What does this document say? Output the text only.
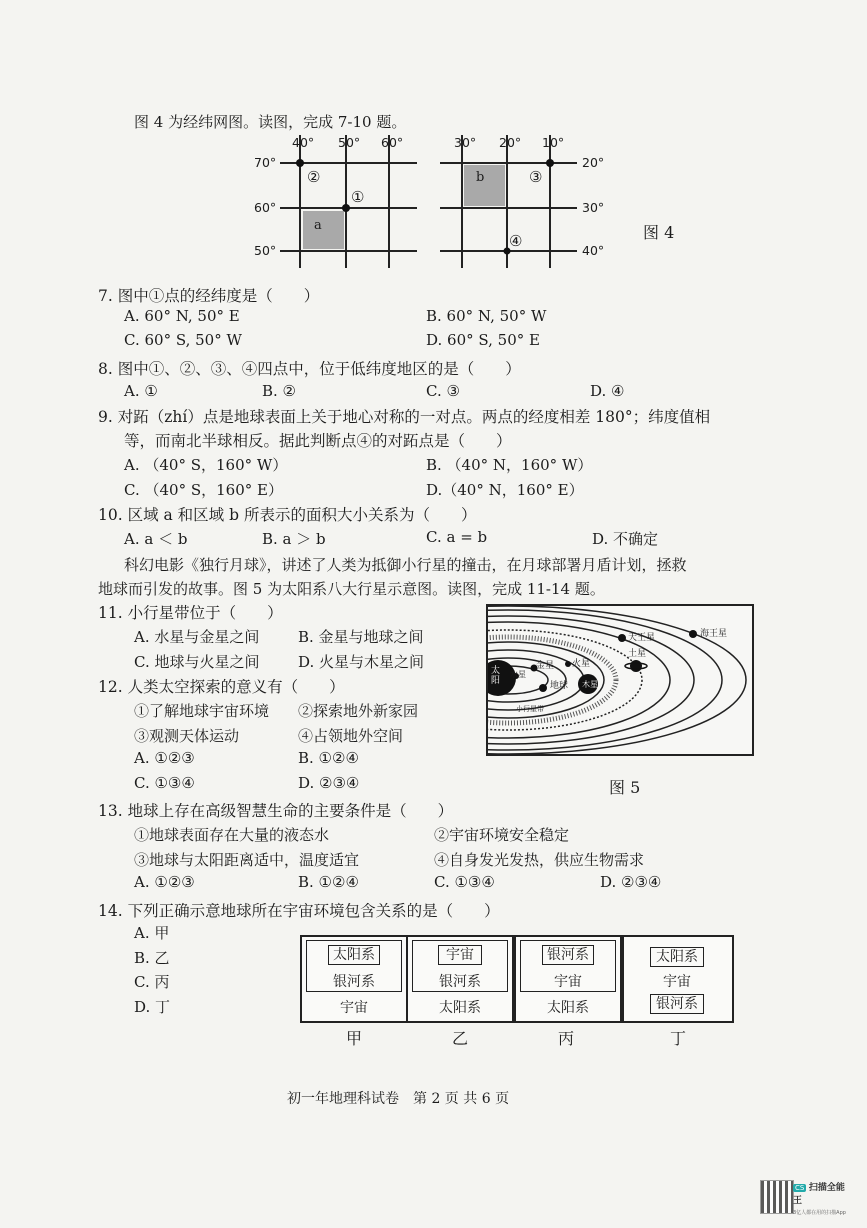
图 4 为经纬网图。读图，完成 7-10 题。
40° 50° 60°
70°
60°
50°
30° 20° 10°
20°
30°
40°
①
②	③
④
a
b
图 4
7. 图中①点的经纬度是（　　）
A. 60° N, 50° E	B. 60° N, 50° W
C. 60° S, 50° W	D. 60° S, 50° E
8. 图中①、②、③、④四点中，位于低纬度地区的是（　　）
A. ①	B. ②	C. ③	D. ④
9. 对跖（zhí）点是地球表面上关于地心对称的一对点。两点的经度相差 180°；纬度值相
等，而南北半球相反。据此判断点④的对跖点是（　　）
A. （40° S，160° W）	B. （40° N，160° W）
C. （40° S，160° E）	D.（40° N，160° E）
10. 区域 a 和区域 b 所表示的面积大小关系为（　　）
A. a ＜ b	B. a ＞ b	C. a = b	D. 不确定
科幻电影《独行月球》，讲述了人类为抵御小行星的撞击，在月球部署月盾计划，拯救
地球而引发的故事。图 5 为太阳系八大行星示意图。读图，完成 11-14 题。
11. 小行星带位于（　　）
A. 水星与金星之间	B. 金星与地球之间
C. 地球与火星之间	D. 火星与木星之间
12. 人类太空探索的意义有（　　）
①了解地球宇宙环境 ②探索地外新家园
③观测天体运动	④占领地外空间
A. ①②③	B. ①②④
C. ①③④	D. ②③④
太阳
水星
金星
地球
火星
木星
土星
天王星	海王星
小行星带
图 5
13. 地球上存在高级智慧生命的主要条件是（　　）
①地球表面存在大量的液态水	②宇宙环境安全稳定
③地球与太阳距离适中，温度适宜	④自身发光发热，供应生物需求
A. ①②③	B. ①②④	C. ①③④	D. ②③④
14. 下列正确示意地球所在宇宙环境包含关系的是（　　）
A. 甲
B. 乙
C. 丙
D. 丁
太阳系
银河系
宇宙
甲
宇宙
银河系
太阳系
乙
银河系
宇宙
太阳系
丙
太阳系
宇宙
银河系
丁
初一年地理科试卷　第 2 页 共 6 页
CS 扫描全能王
3亿人都在用的扫描App
